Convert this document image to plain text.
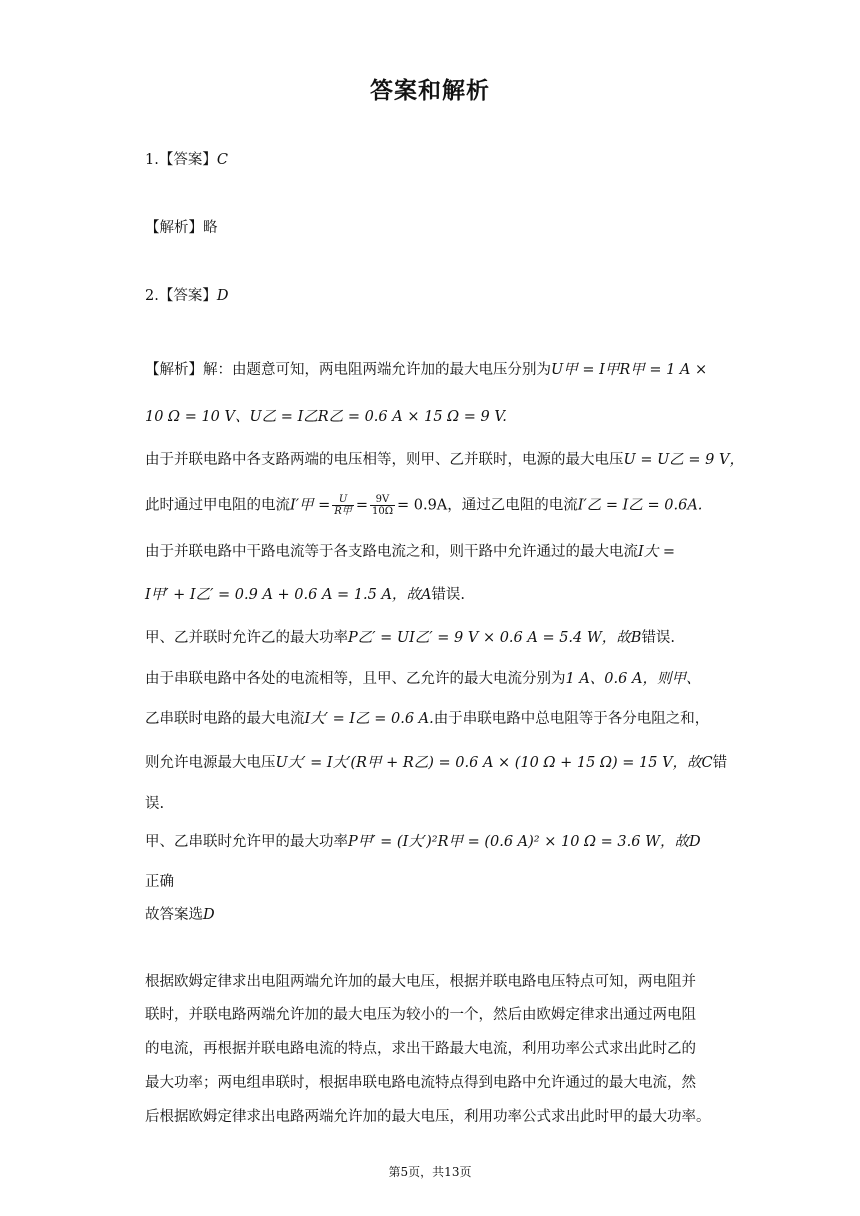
答案和解析
1.【答案】C
【解析】略
2.【答案】D
【解析】解：由题意可知，两电阻两端允许加的最大电压分别为U甲 = I甲R甲 = 1 A ×
10 Ω = 10 V、U乙 = I乙R乙 = 0.6 A × 15 Ω = 9 V.
由于并联电路中各支路两端的电压相等，则甲、乙并联时，电源的最大电压U = U乙 = 9 V，
此时通过甲电阻的电流I′甲 = $\frac{U}{\text{R甲}} = \frac{9V}{10\Omega} = 0.9A$，通过乙电阻的电流I′乙 = I乙 = 0.6A.
由于并联电路中干路电流等于各支路电流之和，则干路中允许通过的最大电流I大 =
I甲′ + I乙′ = 0.9 A + 0.6 A = 1.5 A，故A错误.
甲、乙并联时允许乙的最大功率P乙′ = UI乙′ = 9 V × 0.6 A = 5.4 W，故B错误.
由于串联电路中各处的电流相等，且甲、乙允许的最大电流分别为1 A、0.6 A，则甲、
乙串联时电路的最大电流I大′ = I乙 = 0.6 A.由于串联电路中总电阻等于各分电阻之和，
则允许电源最大电压U大′ = I大′(R甲 + R乙) = 0.6 A × (10 Ω + 15 Ω) = 15 V，故C错
误.
甲、乙串联时允许甲的最大功率P甲′ = (I大′)²R甲 = (0.6 A)² × 10 Ω = 3.6 W，故D
正确
故答案选D
根据欧姆定律求出电阻两端允许加的最大电压，根据并联电路电压特点可知，两电阻并
联时，并联电路两端允许加的最大电压为较小的一个，然后由欧姆定律求出通过两电阻
的电流，再根据并联电路电流的特点，求出干路最大电流，利用功率公式求出此时乙的
最大功率；两电组串联时，根据串联电路电流特点得到电路中允许通过的最大电流，然
后根据欧姆定律求出电路两端允许加的最大电压，利用功率公式求出此时甲的最大功率。
第5页，共13页
